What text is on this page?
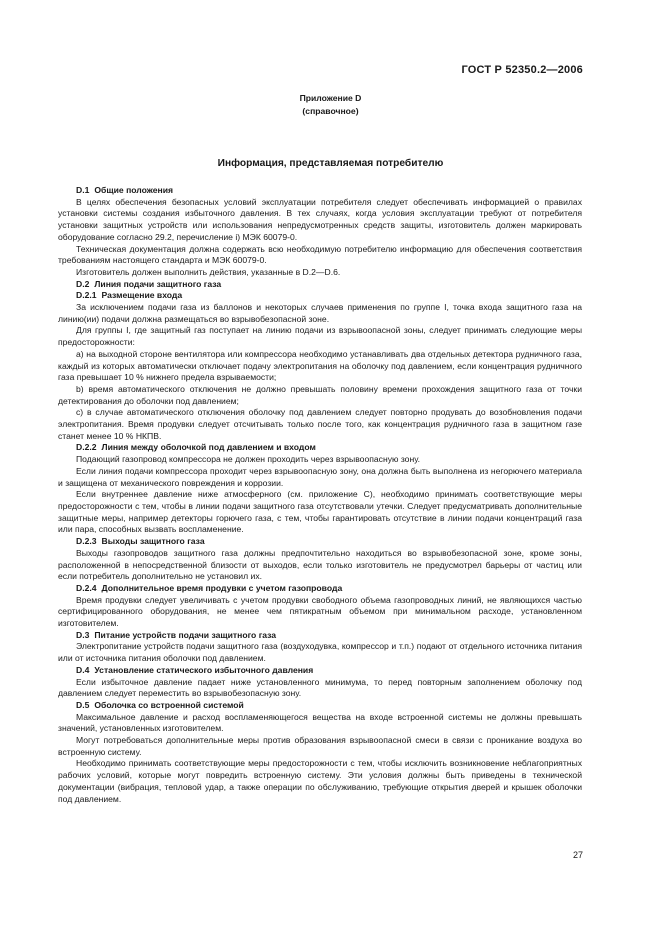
ГОСТ Р 52350.2—2006
Приложение D
(справочное)
Информация, представляемая потребителю

D.1 Общие положения

В целях обеспечения безопасных условий эксплуатации потребителя следует обеспечивать информацией о правилах установки системы создания избыточного давления. В тех случаях, когда условия эксплуатации требуют от потребителя установки защитных устройств или использования непредусмотренных средств защиты, изготовитель должен маркировать оборудование согласно 29.2, перечисление i) МЭК 60079-0.

Техническая документация должна содержать всю необходимую потребителю информацию для обеспечения соответствия требованиям настоящего стандарта и МЭК 60079-0.

Изготовитель должен выполнить действия, указанные в D.2—D.6.

D.2 Линия подачи защитного газа

D.2.1 Размещение входа

За исключением подачи газа из баллонов и некоторых случаев применения по группе I, точка входа защитного газа на линию(ии) подачи должна размещаться во взрывобезопасной зоне.

Для группы I, где защитный газ поступает на линию подачи из взрывоопасной зоны, следует принимать следующие меры предосторожности:

a) на выходной стороне вентилятора или компрессора необходимо устанавливать два отдельных детектора рудничного газа, каждый из которых автоматически отключает подачу электропитания на оболочку под давлением, если концентрация рудничного газа превышает 10 % нижнего предела взрываемости;

b) время автоматического отключения не должно превышать половину времени прохождения защитного газа от точки детектирования до оболочки под давлением;

c) в случае автоматического отключения оболочку под давлением следует повторно продувать до возобновления подачи электропитания. Время продувки следует отсчитывать только после того, как концентрация рудничного газа в защитном газе станет менее 10 % НКПВ.

D.2.2 Линия между оболочкой под давлением и входом

Подающий газопровод компрессора не должен проходить через взрывоопасную зону.

Если линия подачи компрессора проходит через взрывоопасную зону, она должна быть выполнена из негорючего материала и защищена от механического повреждения и коррозии.

Если внутреннее давление ниже атмосферного (см. приложение C), необходимо принимать соответствующие меры предосторожности с тем, чтобы в линии подачи защитного газа отсутствовали утечки. Следует предусматривать дополнительные защитные меры, например детекторы горючего газа, с тем, чтобы гарантировать отсутствие в линии подачи концентраций газа или пара, способных вызвать воспламенение.

D.2.3 Выходы защитного газа

Выходы газопроводов защитного газа должны предпочтительно находиться во взрывобезопасной зоне, кроме зоны, расположенной в непосредственной близости от выходов, если только изготовитель не предусмотрел барьеры от частиц или если потребитель дополнительно не установил их.

D.2.4 Дополнительное время продувки с учетом газопровода

Время продувки следует увеличивать с учетом продувки свободного объема газопроводных линий, не являющихся частью сертифицированного оборудования, не менее чем пятикратным объемом при минимальном расходе, установленном изготовителем.

D.3 Питание устройств подачи защитного газа

Электропитание устройств подачи защитного газа (воздуходувка, компрессор и т.п.) подают от отдельного источника питания или от источника питания оболочки под давлением.

D.4 Установление статического избыточного давления

Если избыточное давление падает ниже установленного минимума, то перед повторным заполнением оболочку под давлением следует переместить во взрывобезопасную зону.

D.5 Оболочка со встроенной системой

Максимальное давление и расход воспламеняющегося вещества на входе встроенной системы не должны превышать значений, установленных изготовителем.

Могут потребоваться дополнительные меры против образования взрывоопасной смеси в связи с проникание воздуха во встроенную систему.

Необходимо принимать соответствующие меры предосторожности с тем, чтобы исключить возникновение неблагоприятных рабочих условий, которые могут повредить встроенную систему. Эти условия должны быть приведены в технической документации (вибрация, тепловой удар, а также операции по обслуживанию, требующие открытия дверей и крышек оболочки под давлением.

27
